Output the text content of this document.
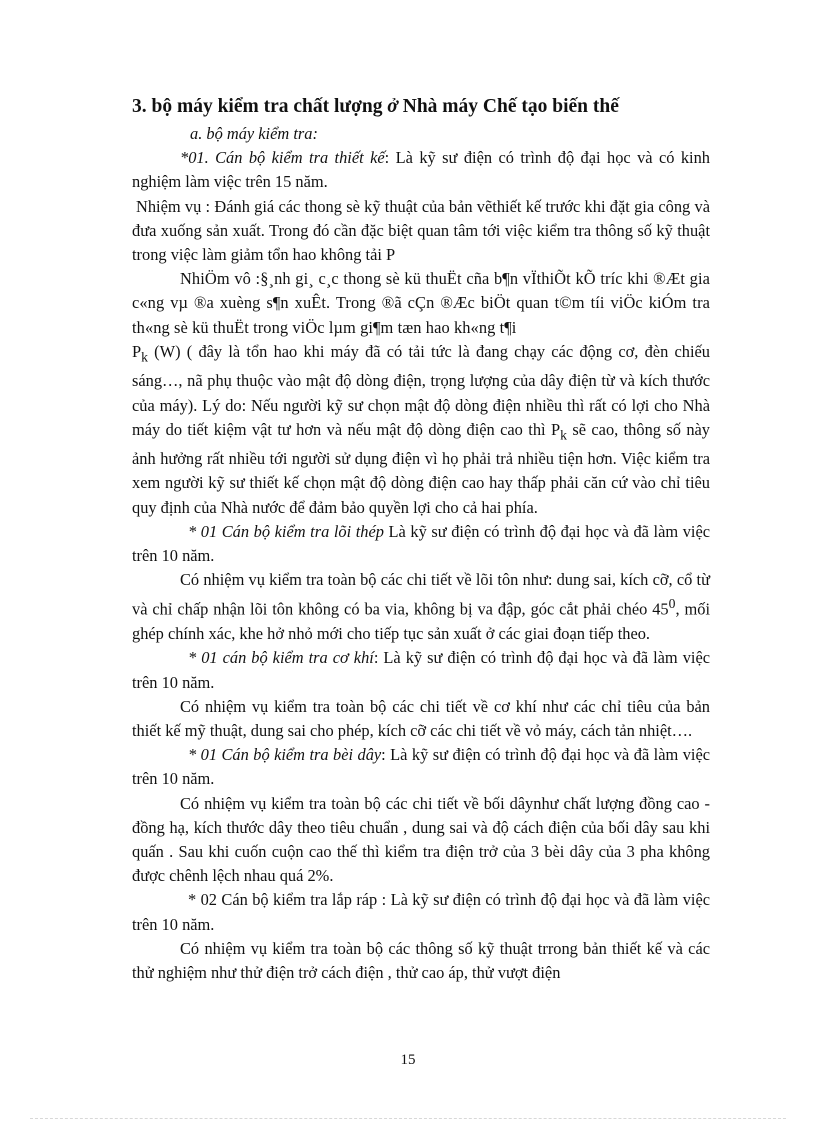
3. bộ máy kiểm tra chất lượng ở Nhà máy Chế tạo biến thế

a. bộ máy kiểm tra:

*01. Cán bộ kiểm tra thiết kế: Là kỹ sư điện có trình độ đại học và có kinh nghiệm làm việc trên 15 năm.

Nhiệm vụ : Đánh giá các thong sè kỹ thuật của bản vẽthiết kế trước khi đặt gia công và đưa xuống sản xuất. Trong đó cần đặc biệt quan tâm tới việc kiểm tra thông số kỹ thuật trong việc làm giảm tổn hao không tải P

NhiÖm vô :§¸nh gi¸ c¸c thong sè kü thuËt cña b¶n vÏthiÕt kÕ tríc khi ®Æt gia c«ng vµ ®a xuèng s¶n xuÊt. Trong ®ã cÇn ®Æc biÖt quan t©m tíi viÖc kiÓm tra th«ng sè kü thuËt trong viÖc lµm gi¶m tæn hao kh«ng t¶i

$P_k$ (W) ( đây là tổn hao khi máy đã có tải tức là đang chạy các động cơ, đèn chiếu sáng…, nã phụ thuộc vào mật độ dòng điện, trọng lượng của dây điện từ và kích thước của máy). Lý do: Nếu người kỹ sư chọn mật độ dòng điện nhiều thì rất có lợi cho Nhà máy do tiết kiệm vật tư hơn và nếu mật độ dòng điện cao thì $P_k$ sẽ cao, thông số này ảnh hưởng rất nhiều tới người sử dụng điện vì họ phải trả nhiều tiện hơn. Việc kiểm tra xem người kỹ sư thiết kế chọn mật độ dòng điện cao hay thấp phải căn cứ vào chỉ tiêu quy định của Nhà nước để đảm bảo quyền lợi cho cả hai phía.

* 01 Cán bộ kiểm tra lõi thép Là kỹ sư điện có trình độ đại học và đã làm việc trên 10 năm.

Có nhiệm vụ kiểm tra toàn bộ các chi tiết về lõi tôn như: dung sai, kích cỡ, cổ từ và chỉ chấp nhận lõi tôn không có ba via, không bị va đập, góc cắt phải chéo $45^0$, mối ghép chính xác, khe hở nhỏ mới cho tiếp tục sản xuất ở các giai đoạn tiếp theo.

* 01 cán bộ kiểm tra cơ khí: Là kỹ sư điện có trình độ đại học và đã làm việc trên 10 năm.

Có nhiệm vụ kiểm tra toàn bộ các chi tiết về cơ khí như các chỉ tiêu của bản thiết kế mỹ thuật, dung sai cho phép, kích cỡ các chi tiết về vỏ máy, cách tản nhiệt….

* 01 Cán bộ kiểm tra bèi dây: Là kỹ sư điện có trình độ đại học và đã làm việc trên 10 năm.

Có nhiệm vụ kiểm tra toàn bộ các chi tiết về bối dâynhư chất lượng đồng cao - đồng hạ, kích thước dây theo tiêu chuẩn , dung sai và độ cách điện của bối dây sau khi quấn . Sau khi cuốn cuộn cao thế thì kiểm tra điện trở của 3 bèi dây của 3 pha không được chênh lệch nhau quá 2%.

* 02 Cán bộ kiểm tra lắp ráp : Là kỹ sư điện có trình độ đại học và đã làm việc trên 10 năm.

Có nhiệm vụ kiểm tra toàn bộ các thông số kỹ thuật trrong bản thiết kế và các thử nghiệm như thử điện trở cách điện , thử cao áp, thử vượt điện

15
